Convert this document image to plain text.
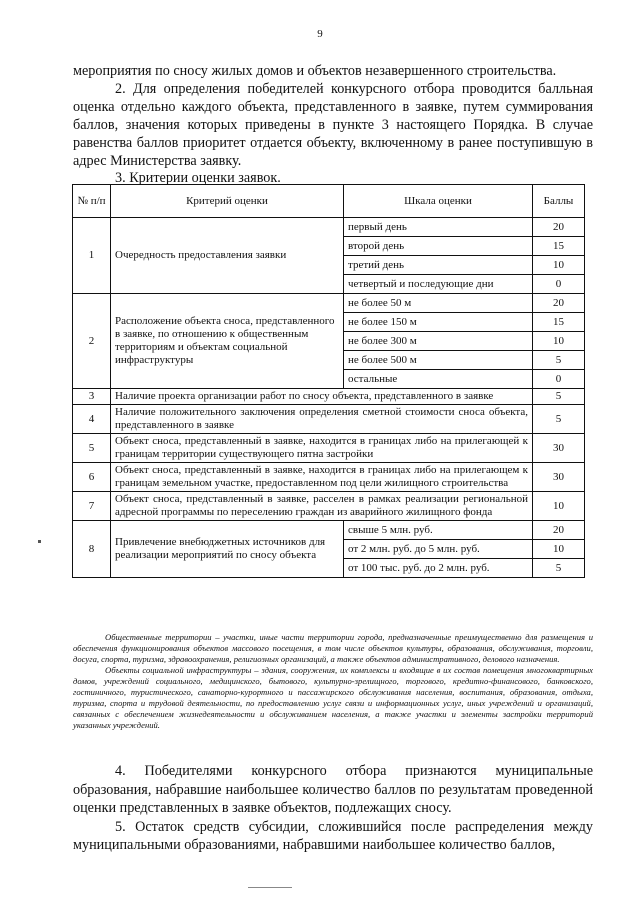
9

мероприятия по сносу жилых домов и объектов незавершенного строительства.

2. Для определения победителей конкурсного отбора проводится балльная оценка отдельно каждого объекта, представленного в заявке, путем суммирования баллов, значения которых приведены в пункте 3 настоящего Порядка. В случае равенства баллов приоритет отдается объекту, включенному в ранее поступившую в адрес Министерства заявку.

3. Критерии оценки заявок.
№ п/п	Критерий оценки	Шкала оценки	Баллы
1	Очередность предоставления заявки	первый день	20
		второй день	15
		третий день	10
		четвертый и последующие дни	0
2	Расположение объекта сноса, представленного в заявке, по отношению к общественным территориям и объектам социальной инфраструктуры	не более 50 м	20
		не более 150 м	15
		не более 300 м	10
		не более 500 м	5
		остальные	0
3	Наличие проекта организации работ по сносу объекта, представленного в заявке		5
4	Наличие положительного заключения определения сметной стоимости сноса объекта, представленного в заявке		5
5	Объект сноса, представленный в заявке, находится в границах либо на прилегающей к границам территории существующего пятна застройки		30
6	Объект сноса, представленный в заявке, находится в границах либо на прилегающем к границам земельном участке, предоставленном под цели жилищного строительства		30
7	Объект сноса, представленный в заявке, расселен в рамках реализации региональной адресной программы по переселению граждан из аварийного жилищного фонда		10
8	Привлечение внебюджетных источников для реализации мероприятий по сносу объекта	свыше 5 млн. руб.	20
		от 2 млн. руб. до 5 млн. руб.	10
		от 100 тыс. руб. до 2 млн. руб.	5

Общественные территории – участки, иные части территории города, предназначенные преимущественно для размещения и обеспечения функционирования объектов массового посещения, в том числе объектов культуры, образования, обслуживания, торговли, досуга, спорта, туризма, здравоохранения, религиозных организаций, а также объектов административного, делового назначения.

Объекты социальной инфраструктуры – здания, сооружения, их комплексы и входящие в их состав помещения многоквартирных домов, учреждений социального, медицинского, бытового, культурно-зрелищного, торгового, кредитно-финансового, банковского, гостиничного, туристического, санаторно-курортного и пассажирского обслуживания населения, воспитания, образования, отдыха, туризма, спорта и трудовой деятельности, по предоставлению услуг связи и информационных услуг, иных учреждений и организаций, связанных с обеспечением жизнедеятельности и обслуживанием населения, а также участки и элементы застройки территорий указанных учреждений.

4. Победителями конкурсного отбора признаются муниципальные образования, набравшие наибольшее количество баллов по результатам проведенной оценки представленных в заявке объектов, подлежащих сносу.

5. Остаток средств субсидии, сложившийся после распределения между муниципальными образованиями, набравшими наибольшее количество баллов,
